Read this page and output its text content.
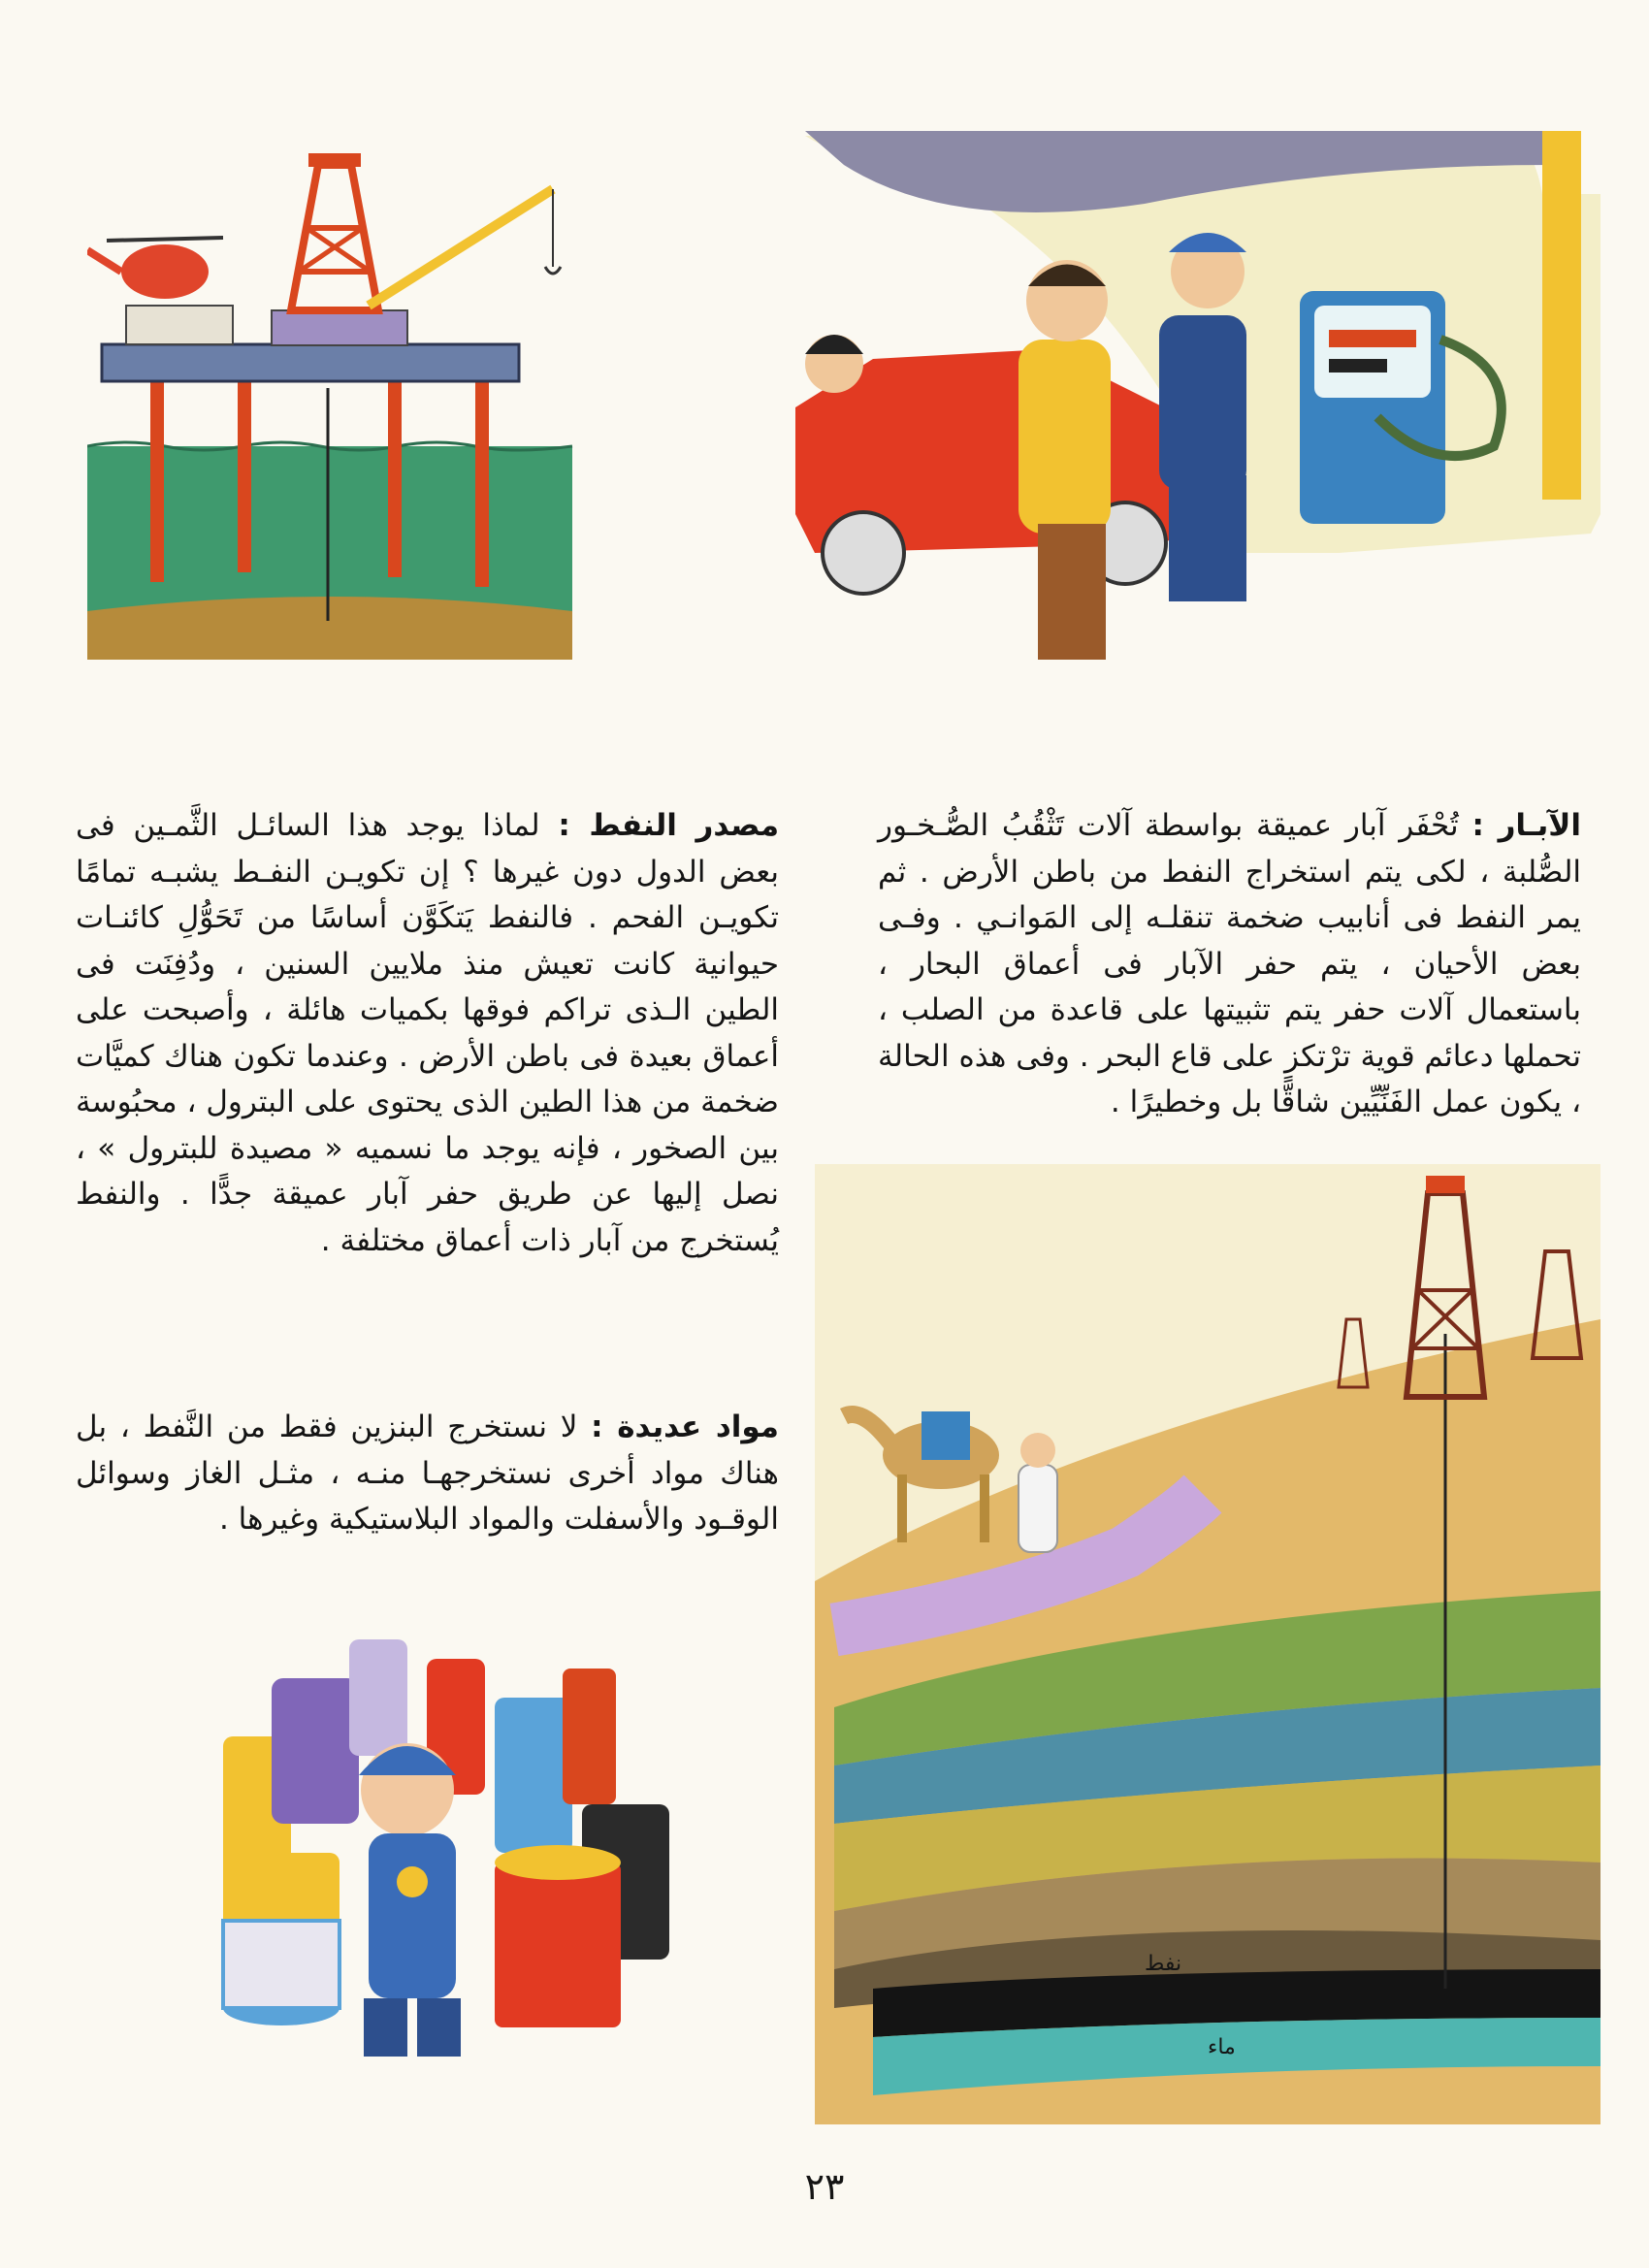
الآبـار : تُحْفَر آبار عميقة بواسطة آلات تَثْقُبُ الصُّـخـور الصُّلبة ، لكى يتم استخراج النفط من باطن الأرض . ثم يمر النفط فى أنابيب ضخمة تنقلـه إلى المَوانـي . وفـى بعض الأحيان ، يتم حفر الآبار فى أعماق البحار ، باستعمال آلات حفر يتم تثبيتها على قاعدة من الصلب ، تحملها دعائم قوية ترْتكز على قاع البحر . وفى هذه الحالة ، يكون عمل الفَنِّيِّين شاقًّا بل وخطيرًا .
مصدر النفط : لماذا يوجد هذا السائـل الثَّمـين فى بعض الدول دون غيرها ؟ إن تكويـن النفـط يشبـه تمامًا تكويـن الفحم . فالنفط يَتكَوَّن أساسًا من تَحَوُّلِ كائنـات حيوانية كانت تعيش منذ ملايين السنين ، ودُفِنَت فى الطين الـذى تراكم فوقها بكميات هائلة ، وأصبحت على أعماق بعيدة فى باطن الأرض . وعندما تكون هناك كميَّات ضخمة من هذا الطين الذى يحتوى على البترول ، محبُوسة بين الصخور ، فإنه يوجد ما نسميه « مصيدة للبترول » ، نصل إليها عن طريق حفر آبار عميقة جدًّا . والنفط يُستخرج من آبار ذات أعماق مختلفة .
مواد عديدة : لا نستخرج البنزين فقط من النَّفط ، بل هناك مواد أخرى نستخرجهـا منـه ، مثـل الغاز وسوائل الوقـود والأسفلت والمواد البلاستيكية وغيرها .
نفط
ماء
٢٣
